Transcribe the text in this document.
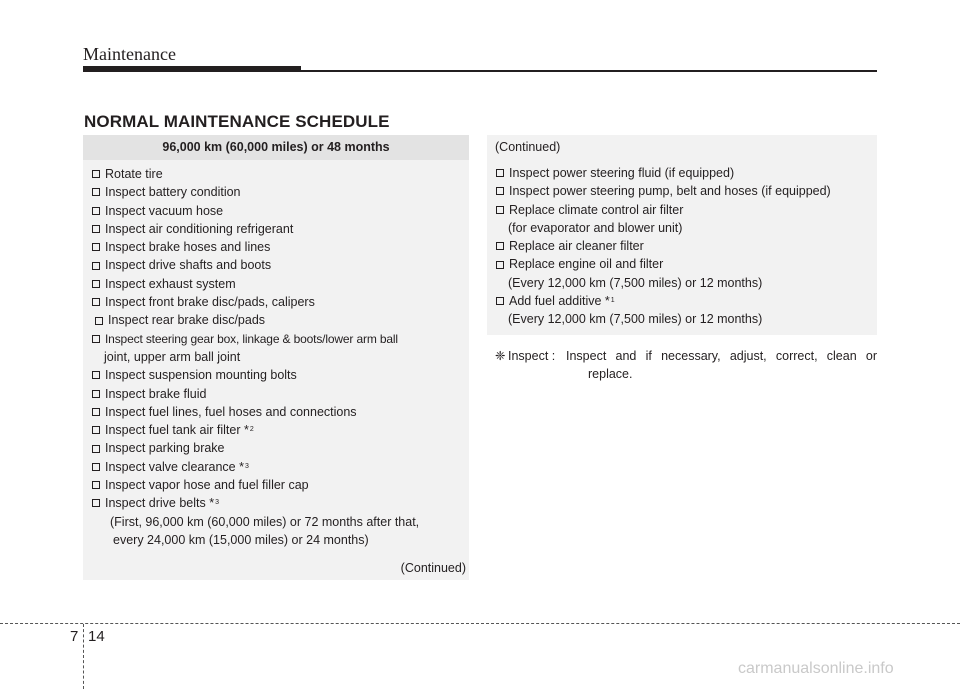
Maintenance
NORMAL MAINTENANCE SCHEDULE
96,000 km (60,000 miles) or 48 months
Rotate tire
Inspect battery condition
Inspect vacuum hose
Inspect air conditioning refrigerant
Inspect brake hoses and lines
Inspect drive shafts and boots
Inspect exhaust system
Inspect front brake disc/pads, calipers
Inspect rear brake disc/pads
Inspect steering gear box, linkage & boots/lower arm ball
joint, upper arm ball joint
Inspect suspension mounting bolts
Inspect brake fluid
Inspect fuel lines, fuel hoses and connections
Inspect fuel tank air filter * 2
Inspect parking brake
Inspect valve clearance * 3
Inspect vapor hose and fuel filler cap
Inspect drive belts * 3
(First, 96,000 km (60,000 miles) or 72 months after that,
every 24,000 km (15,000 miles) or 24 months)
(Continued)
(Continued)
Inspect power steering fluid (if equipped)
Inspect power steering pump, belt and hoses (if equipped)
Replace climate control air filter
(for evaporator and blower unit)
Replace air cleaner filter
Replace engine oil and filter
(Every 12,000 km (7,500 miles) or 12 months)
Add fuel additive * 1
(Every 12,000 km (7,500 miles) or 12 months)
❈ Inspect : Inspect and if necessary, adjust, correct, clean or
replace.
7 14
carmanualsonline.info
